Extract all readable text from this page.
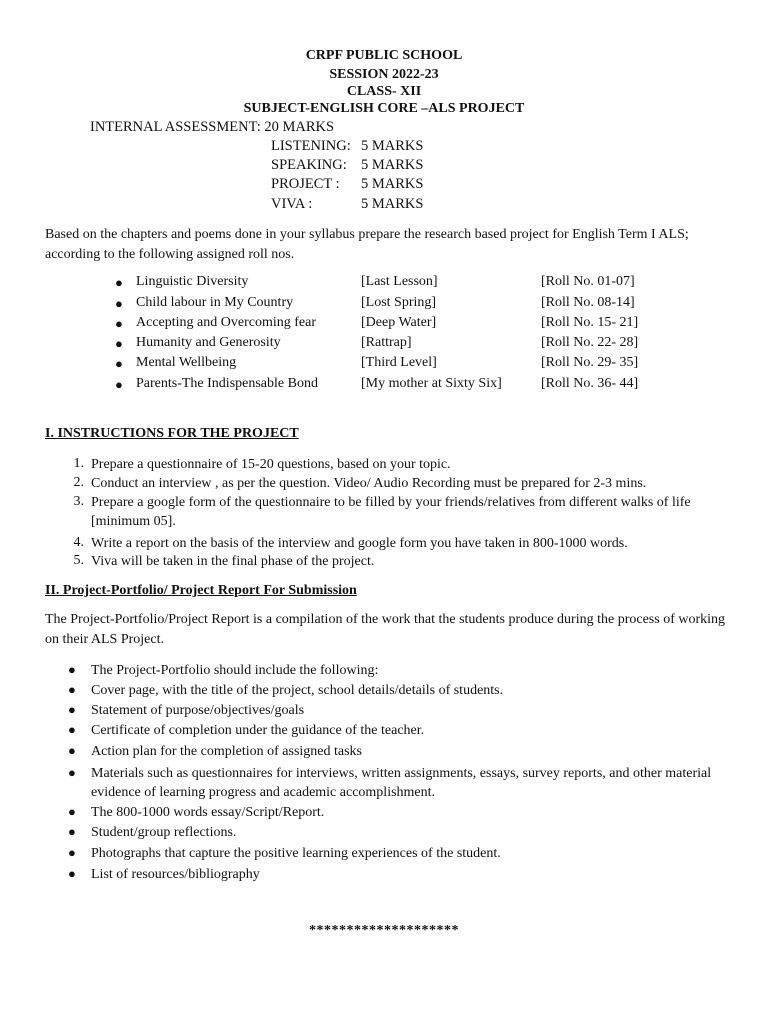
CRPF PUBLIC SCHOOL
SESSION 2022-23
CLASS- XII
SUBJECT-ENGLISH CORE –ALS PROJECT
INTERNAL ASSESSMENT: 20 MARKS
LISTENING: 5 MARKS
SPEAKING: 5 MARKS
PROJECT : 5 MARKS
VIVA :	5 MARKS
Based on the chapters and poems done in your syllabus prepare the research based project for English Term I ALS; according to the following assigned roll nos.
● Linguistic Diversity	[Last Lesson]	[Roll No. 01-07]
● Child labour in My Country	[Lost Spring]	[Roll No. 08-14]
● Accepting and Overcoming fear	[Deep Water]	[Roll No. 15- 21]
● Humanity and Generosity	[Rattrap]	[Roll No. 22- 28]
● Mental Wellbeing	[Third Level]	[Roll No. 29- 35]
● Parents-The Indispensable Bond	[My mother at Sixty Six]	[Roll No. 36- 44]
I. INSTRUCTIONS FOR THE PROJECT
1. Prepare a questionnaire of 15-20 questions, based on your topic.
2. Conduct an interview , as per the question. Video/ Audio Recording must be prepared for 2-3 mins.
3. Prepare a google form of the questionnaire to be filled by your friends/relatives from different walks of life [minimum 05].
4. Write a report on the basis of the interview and google form you have taken in 800-1000 words.
5. Viva will be taken in the final phase of the project.
II. Project-Portfolio/ Project Report For Submission
The Project-Portfolio/Project Report is a compilation of the work that the students produce during the process of working on their ALS Project.
● The Project-Portfolio should include the following:
● Cover page, with the title of the project, school details/details of students.
● Statement of purpose/objectives/goals
● Certificate of completion under the guidance of the teacher.
● Action plan for the completion of assigned tasks
● Materials such as questionnaires for interviews, written assignments, essays, survey reports, and other material evidence of learning progress and academic accomplishment.
● The 800-1000 words essay/Script/Report.
● Student/group reflections.
● Photographs that capture the positive learning experiences of the student.
● List of resources/bibliography
********************
